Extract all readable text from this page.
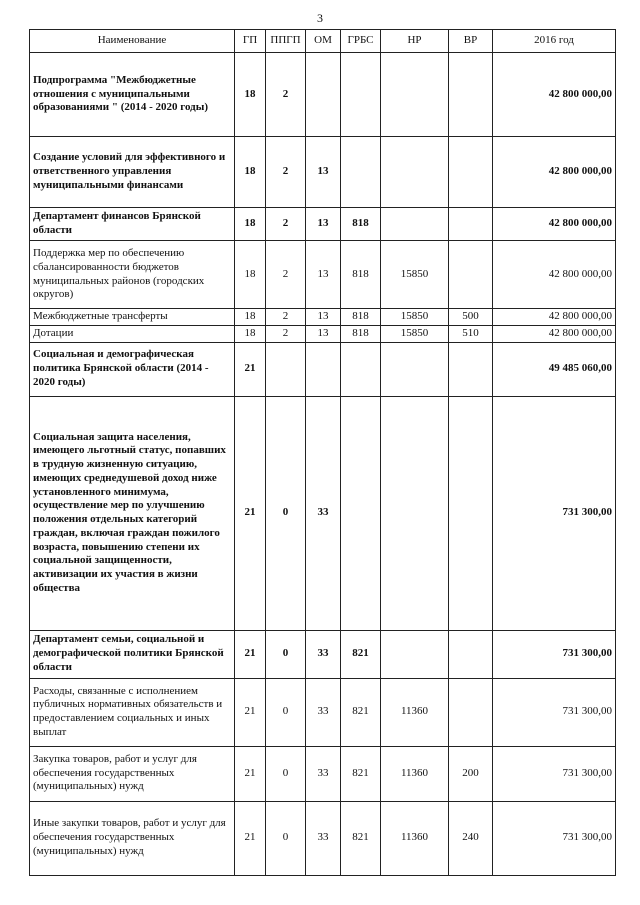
3
Наименование	ГП	ППГП	ОМ	ГРБС	НР	ВР	2016 год
Подпрограмма "Межбюджетные отношения с муниципальными образованиями " (2014 - 2020 годы)	18	2					42 800 000,00
Создание условий для эффективного и ответственного управления муниципальными финансами	18	2	13				42 800 000,00
Департамент финансов Брянской области	18	2	13	818			42 800 000,00
Поддержка мер по обеспечению сбалансированности бюджетов муниципальных районов (городских округов)	18	2	13	818	15850		42 800 000,00
Межбюджетные трансферты	18	2	13	818	15850	500	42 800 000,00
Дотации	18	2	13	818	15850	510	42 800 000,00
Социальная и демографическая политика Брянской области (2014 - 2020 годы)	21						49 485 060,00
Социальная защита населения, имеющего льготный статус, попавших в трудную жизненную ситуацию, имеющих среднедушевой доход ниже установленного минимума, осуществление мер по улучшению положения отдельных категорий граждан, включая граждан пожилого возраста, повышению степени их социальной защищенности, активизации их участия в жизни общества	21	0	33				731 300,00
Департамент семьи, социальной и демографической политики Брянской области	21	0	33	821			731 300,00
Расходы, связанные с исполнением публичных нормативных обязательств и предоставлением социальных и иных выплат	21	0	33	821	11360		731 300,00
Закупка товаров, работ и услуг для обеспечения государственных (муниципальных) нужд	21	0	33	821	11360	200	731 300,00
Иные закупки товаров, работ и услуг для обеспечения государственных (муниципальных) нужд	21	0	33	821	11360	240	731 300,00
